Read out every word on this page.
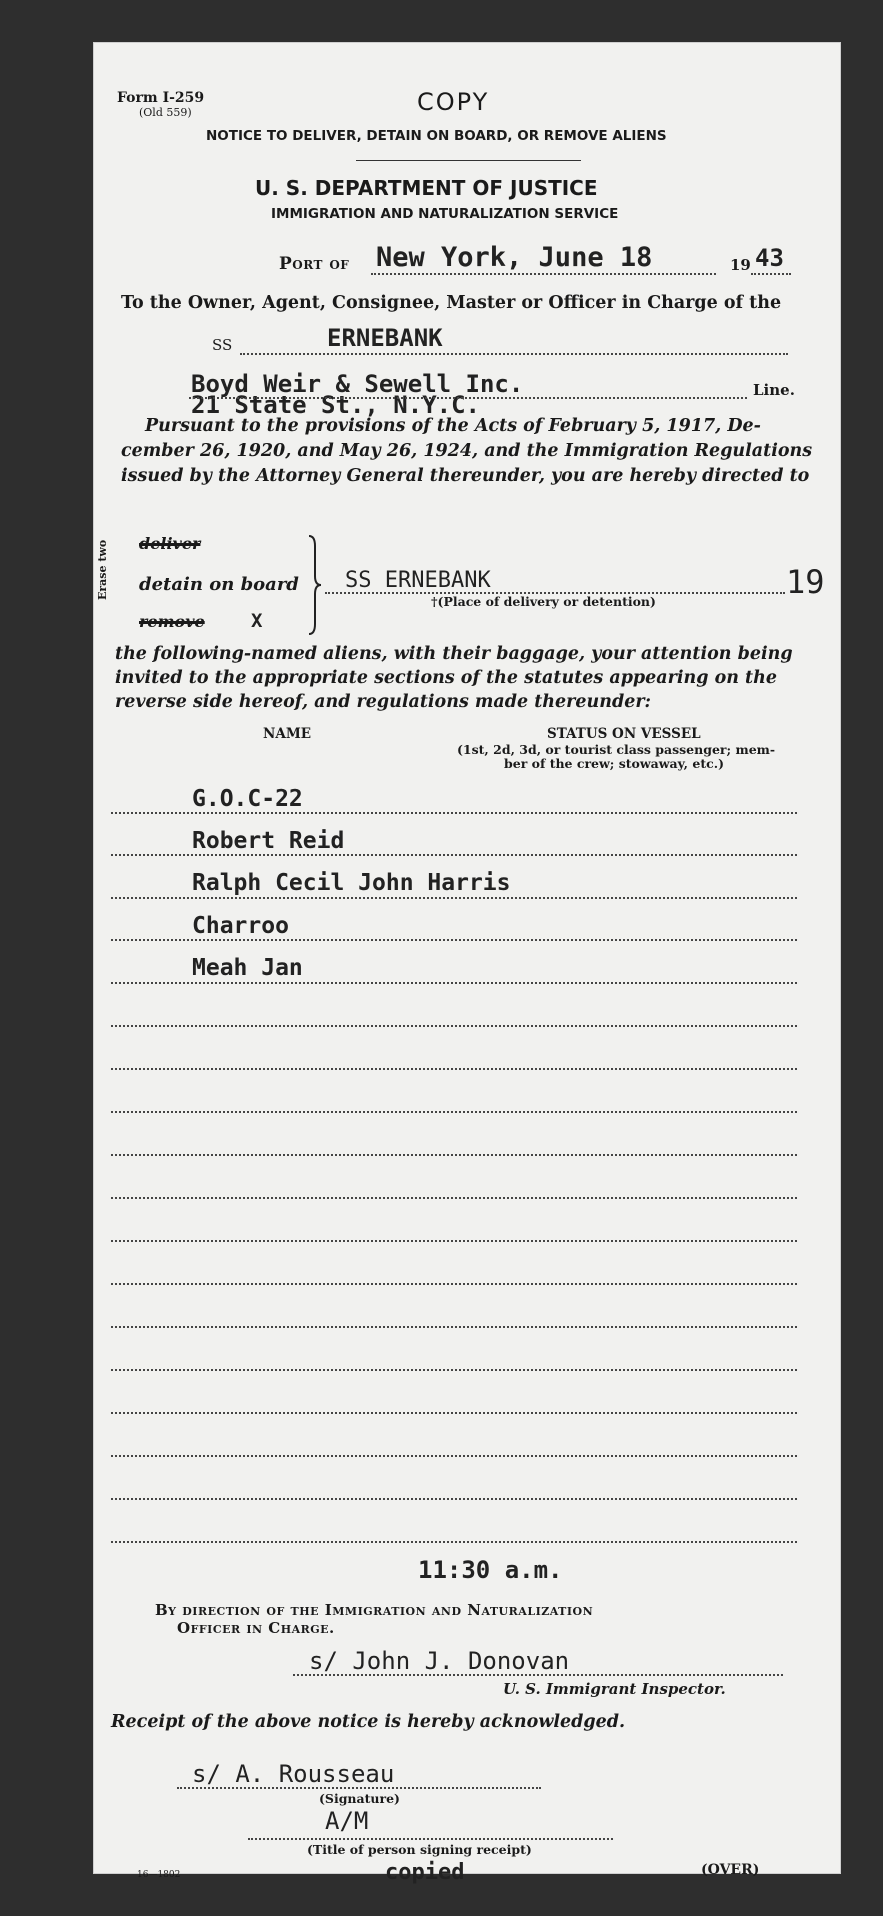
Form I-259
(Old 559)	COPY
NOTICE TO DELIVER, DETAIN ON BOARD, OR REMOVE ALIENS
U. S. DEPARTMENT OF JUSTICE
IMMIGRATION AND NATURALIZATION SERVICE
Port of New York, June 18	19 43
To the Owner, Agent, Consignee, Master or Officer in Charge of the
SS	ERNEBANK
Boyd Weir & Sewell Inc.
21 State St., N.Y.C.
Line.
Pursuant to the provisions of the Acts of February 5, 1917, De-
cember 26, 1920, and May 26, 1924, and the Immigration Regulations
issued by the Attorney General thereunder, you are hereby directed to
Erase two deliver
detain on board
remove X
SS ERNEBANK
†(Place of delivery or detention)
19
the following-named aliens, with their baggage, your attention being
invited to the appropriate sections of the statutes appearing on the
reverse side hereof, and regulations made thereunder:
NAME	STATUS ON VESSEL
(1st, 2d, 3d, or tourist class passenger; mem-
ber of the crew; stowaway, etc.)
G.O.C-22
Robert Reid
Ralph Cecil John Harris
Charroo
Meah Jan
11:30 a.m.
By direction of the Immigration and Naturalization
Officer in Charge.
s/ John J. Donovan
U. S. Immigrant Inspector.
Receipt of the above notice is hereby acknowledged.
s/ A. Rousseau
(Signature)
A/M
(Title of person signing receipt)
copied	(OVER)
16—1802
